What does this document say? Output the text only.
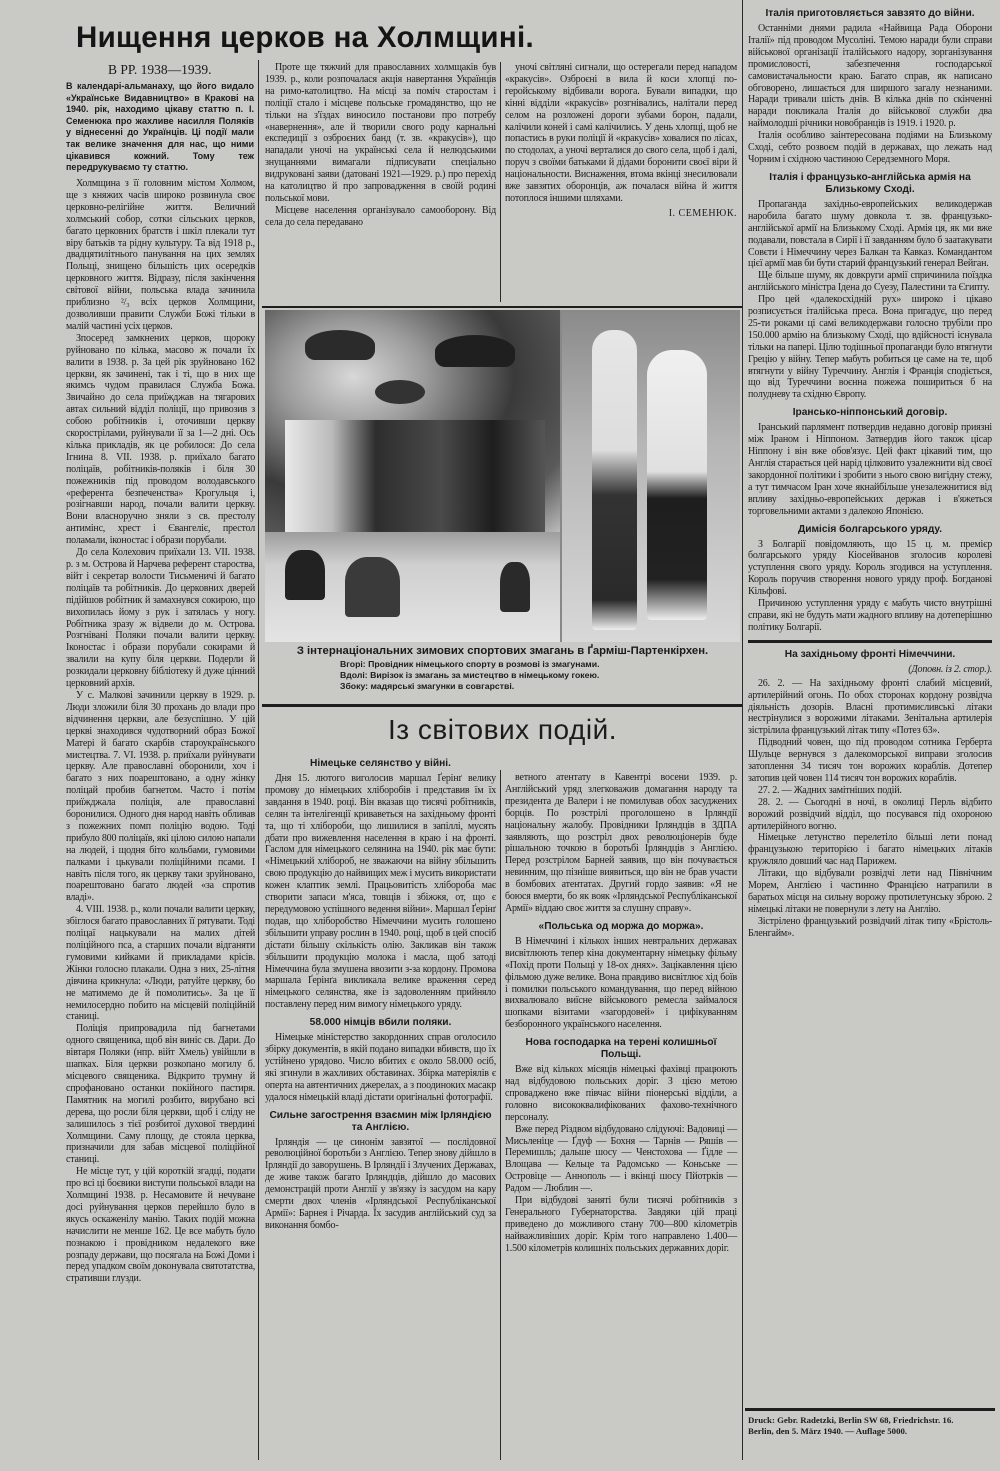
Нищення церков на Холмщині.
В PP. 1938—1939.
В калeндарі-альманаху, що його видало «Українське Видавництво» в Кракові на 1940. рік, находимо цікаву статтю п. І. Семенюка про жахливе насилля Поляків у віднесенні до Українців. Ці події мали так велике значення для нас, що ними цікавився кожний. Тому теж передрукуваємо ту статтю.

Холмщина з її головним містом Холмом, ще з княжих часів широко розвинула своє церковно-релігійне життя. Величний холмський собор, сотки сільських церков, багато церковних братств і шкіл плекали тут віру батьків та рідну культуру. Та від 1918 р., двадцятилітнього панування на цих землях Польщі, знищено більшість цих осередків церковного життя. Відразу, після закінчення світової війни, польська влада зачинила приблизно ²/₃ всіх церков Холмщини, дозволивши правити Служби Божі тільки в малій частині усіх церков.

Зпосеред замкнених церков, щороку руйновано по кілька, масово ж почали їх валити в 1938. р. За цей рік зруйновано 162 церкви, як зачинені, так і ті, що в них ще якимсь чудом правилася Служба Божа. Звичайно до села приїжджав на тягарових автах сильний відділ поліції, що привозив з собою робітників і, оточивши церкву скорострілами, руйнували її за 1—2 дні. Ось кілька прикладів, як це робилося: До села Ігнина 8. VII. 1938. р. приїхало багато поліцаїв, робітників-поляків і біля 30 пожежників під проводом володавського «референта безпеченства» Крогульця і, розігнавши народ, почали валити церкву. Вони власноручно зняли з св. престолу антимінс, хрест і Євангеліє, престол поламали, іконостас і образи порубали.

До села Колехович приїхали 13. VII. 1938. р. з м. Острова й Нарчева референт старoства, війт і секретар волости Тисьменичі й багато поліцаїв та робітників. До церковних дверей підійшов робітник й замахнувся сокирою, що вихопилась йому з рук і затялась у ногу. Робітника зразу ж відвели до м. Острова. Розгнівані Поляки почали валити церкву. Іконостас і образи порубали сокирами й звалили на купу біля церкви. Подерли й розкидали церковну бібліотеку й дуже цінний церковний архів.

У с. Малкові зачинили церкву в 1929. р. Люди зложили біля 30 прохань до влади про відчинення церкви, але безуспішно. У цій церкві знаходився чудотворний образ Божої Матері й багато скарбів староукраїнського мистецтва. 7. VI. 1938. р. приїхали руйнувати церкву. Але православні оборонили, хоч і багато з них поарештовано, а одну жінку поліцай пробив багнетом. Часто і потім приїжджала поліція, але православні боронилися. Одного дня народ навіть обливав з пожежних помп поліцію водою. Тоді прибуло 800 поліцаїв, які цілою силою напали на людей, і щодня біто кольбами, гумовими палками і цькували поліційними псами. І навіть після того, як церкву таки зруйновано, поарештовано багато людей «за спротив владі».

4. VIII. 1938. р., коли почали валити церкву, збіглося багато православних її рятувати. Тоді поліцаї нацькували на малих дітей поліційного пса, а старших почали відганяти гумовими кийками й прикладами крісів. Жінки голосно плакали. Одна з них, 25-літня дівчина крикнула: «Люди, ратуйте церкву, бо не матимемо де й помолитись». За це її немилосердно побито на місцевій поліційній станиці.

Поліція припровадила під багнетами одного священика, щоб він виніс св. Дари. До вівтаря Поляки (нпр. війт Хмель) увійшли в шапках. Біля церкви розкопано могилу б. місцевого священика. Відкрито трумну й спрофановано останки покійного пастиря. Памятник на могилі розбито, вирубано всі дерева, що росли біля церкви, щоб і сліду не залишилось з тієї розбитої духової твердині Холмщини. Саму площу, де стояла церква, призначили для забав місцевої поліційної станиці.

Не місце тут, у цій короткій згадці, подати про всі ці боєвики виступи польської влади на Холмщині 1938. р. Несамовите й нечуване досі руйнування церков перейшло було в якусь оскаженілу манію. Таких подій можна начислити не менше 162. Це все мабуть було познакою і провідником недалекого вже розпаду держави, що посягала на Божі Доми і перед упадком своїм доконувала святотатства, стративши глузди.

Проте ще тяжчий для православних холмщаків був 1939. р., коли розпочалася акція навертання Українців на римо-католицтво. На місці за поміч старостам і поліції стало і місцеве польське громадянство, що не тільки на з'їздах виносило постанови про потребу «навернення», але й творили свого роду карнальні експедиції з озброєних банд (т. зв. «кракусів»), що нападали уночі на українські села й нелюдськими знущаннями вимагали підписувати спеціально видруковані заяви (датовані 1921—1929. р.) про перехід на католицтво й про запровадження в своїй родині польської мови.

Місцеве населення організувало самооборону. Від села до села передавано

уночі світляні сигнали, що остерегали перед нападом «кракусів». Озброєні в вила й коси хлопці по-геройському відбивали ворога. Бували випадки, що кінні відділи «кракусів» розгнівались, налітали перед селом на розложені дороги зубами борон, падали, калічили коней і самі калічились. У день хлопці, щоб не попастись в руки поліції й «кракусів» ховалися по лісах, по стодолах, а уночі верталися до свого села, щоб і далі, поруч з своїми батьками й дідами боронити своєї віри й національности. Виснаження, втома вкінці знесилювали вже завзятих оборонців, аж почалася війна й життя потоплося іншими шляхами.

І. СЕМЕНЮК.

З інтернаціональних зимових спортових змагань в Ґарміш-Партенкірхен.
Вгорі: Провідник німецького спорту в розмові із змагунами.
Вдолі: Вирізок із змагань за мистецтво в німецькому гокею.
Збоку: мадярські змагунки в совгарстві.
Із світових подій.
Німецьке селянство у війні.

Дня 15. лютого виголосив маршал Ґерінґ велику промову до німецьких хліборобів і представив їм їх завдання в 1940. році. Він вказав що тисячі робітників, селян та інтелігенції криваветься на західньому фронті та, що ті хлібороби, що лишилися в запіллі, мусять дбати про вижевлення населення в краю і на фронті. Гаслом для німецького селянина на 1940. рік має бути: «Німецький хлібороб, не зважаючи на війну збільшить свою продукцію до найвищих меж і мусить використати кожен клаптик землі. Працьовитість хлібороба має створити запаси м'яса, товщів і збіжжя, от, що є передумовою успішного ведення війни». Маршал Ґерінґ подав, що хліборобство Німеччини мусить голошено збільшити управу рослин в 1940. році, щоб в цей спосіб дістати більшу скількість олію. Закликав він також збільшити продукцію молока і масла, щоб затоді Німеччина була змушена ввозити з-за кордону. Промова маршала Ґерінґа викликала велике враження серед німецького селянства, яке із задоволенням прийняло поставлену перед ним вимогу німецького уряду.

58.000 німців вбили поляки.

Німецьке міністерство закордонних справ оголосило збірку документів, в якій подано випадки вбивств, що їх устійнено урядово. Число вбитих є около 58.000 осіб, які згинули в жахливих обставинах. Збірка матеріялів є оперта на автентичних джерелах, а з поодиноких масакр удалося німецькій владі дістати оригінальні фотографії.

Сильне загострення взаємин між Ірляндією та Англією.

Ірляндія — це синонім завзятої — послідовної революційної боротьби з Англією. Тепер знову дійшло в Ірляндії до заворушень. В Ірляндії і Злучених Державах, де живе також багато Ірляндців, дійшло до масових демонстрацій проти Англії у зв'язку із засудом на кару смерти двох членів «Ірляндської Республіканської Армії»: Барнея і Річарда. Їх засудив англійський суд за виконання бомбо-

ветного атентату в Кавентрі восени 1939. р. Англійський уряд злегковажив домагання народу та президента де Валери і не помилував обох засуджених борців. По розстрілі проголошено в Ірляндії національну жалобу. Провідники Ірляндців в ЗДПА заявляють, що розстріл двох революціонерів буде рішальною точкою в боротьбі Ірляндців з Англією. Перед розстрілом Барней заявив, що він почувається невинним, що пізніше виявиться, що він не брав участи в бомбових атентатах. Другий гордо заявив: «Я не боюся вмерти, бо як вояк «Ірляндської Республіканської Армії» віддаю своє життя за слушну справу».

«Польська од моржа до моржа».

В Німеччині і кількох інших невтральних державах висвітлюють тепер кіна документарну німецьку фільму «Похід проти Польщі у 18-ох днях». Зацікавлення цією фільмою дуже велике. Вона правдиво висвітлює хід боїв і помилки польського командування, що перед війною вихвалювало виїсне військового ремесла займалося шопками візитами «загордовей» і цифікуванням безборонного українського населення.

Нова господарка на терені колишньої Польщі.

Вже від кількох місяців німецькі фахівці працюють над відбудовою польських доріг. З цією метою спроваджено вже півчас війни піонерські відділи, а головно висококвалифікованих фахово-технічного персоналу.

Вже перед Різдвом відбудовано слідуючі: Вадовиці — Мисьленіце — Ґдуф — Бохня — Тарнів — Ряшів — Перемишль; дальше шосу — Ченстохова — Ґідле — Влощава — Кельце та Радомсько — Коньське — Островіце — Аннополь — і вкінці шосу Пйотрків — Радом — Люблин —.

При відбудові заняті були тисячі робітників з Генерального Губернаторства. Завдяки цій праці приведено до можливого стану 700—800 кілометрів найважливіших доріг. Крім того направлено 1.400—1.500 кілометрів колишніх польських державних доріг.

Італія приготовляється завзято до війни.

Останніми днями радила «Найвища Рада Оборони Італії» під проводом Мусоліні. Темою наради були справи військової організації італійського надору, зорганізування промисловості, забезпечення господарської самовистачальности краю. Багато справ, як написано обговорено, лишається для ширшого загалу незнаними. Наради тривали шість днів. В кілька днів по скінченні наради покликала Італія до військової служби два наймолодші річники новобранців із 1919. і 1920. р.

Італія особливо заінтересована подіями на Близькому Сході, себто розвоєм подій в державах, що лежать над Чорним і східною частиною Середземного Моря.

Італія і французько-англійська армія на Близькому Сході.

Пропаганда західньо-европейських великодержав наробила багато шуму довкола т. зв. французько-англійської армії на Близькому Сході. Армія ця, як ми вже подавали, повстала в Сирії і її завданням було б заатакувати Совєти і Німеччину через Балкан та Кавказ. Командантом цієї армії мав би бути старий французький генерал Вейган.

Ще більше шуму, як довкруги армії спричинила поїздка англійського міністра Ідена до Суезу, Палестини та Єгипту.

Про цей «далекосхідній рух» широко і цікаво розписується італійська преса. Вона пригадує, що перед 25-ти роками ці самі великодержави голосно трубіли про 150.000 армію на близькому Сході, що вдійсності існувала тільки на папері. Цілю тодішньої пропаганди було втягнути Грецію у війну. Тепер мабуть робиться це саме на те, щоб втягнути у війну Туреччину. Англія і Франція сподіється, що від Туреччини воєнна пожежа пошириться б на полудневу та східню Європу.

Ірансько-ніппонський договір.

Іранський парлямент потвердив недавно договір приязні між Іраном і Ніппоном. Затвердив його також цісар Ніппону і він вже обов'язує. Цей факт цікавий тим, що Англія старається цей нарід цілковито узалежнити від своєї закордонної політики і зробити з нього свою вигідну стежу, а тут тимчасом Іран хоче якнайбільше унезалежнитися від впливу західньо-европейських держав і в'яжеться торговельними актами з далекою Японією.

Димісія болгарського уряду.

З Болгарії повідомляють, що 15 ц. м. премієр болгарського уряду Кіосейванов зголосив королеві уступлення свого уряду. Король згодився на уступлення. Король поручив створення нового уряду проф. Богданові Кільфові.

Причиною уступлення уряду є мабуть чисто внутрішні справи, які не будуть мати жадного впливу на дотеперішню політику Болгарії.

На західньому фронті Німеччини.

(Доповн. із 2. стор.).

26. 2. — На західньому фронті слабий місцевий, артилерійний огонь. По обох сторонах кордону розвідча діяльність дозорів. Власні протимисливські літаки нестрінулися з ворожими літаками. Зенітальна артилерія зістрілила французький літак типу «Потез 63».

Підводний човен, що під проводом сотника Герберта Шульце вернувся з далекоморської виправи зголосив затоплення 34 тисяч тон ворожих кораблів. Дотепер затопив цей човен 114 тисяч тон ворожих кораблів.

27. 2. — Жадних замітніших подій.

28. 2. — Сьогодні в ночі, в околиці Перль відбито ворожий розвідчий відділ, що посувався під охороною артилерійного вогню.

Німецьке летунство перелетіло більші лети понад французькою територією і багато німецьких літаків кружляло довший час над Парижем.

Літаки, що відбували розвідчі лети над Північним Морем, Англією і частинно Францією натрапили в баратьох місця на сильну ворожу протилетунську зброю. 2 німецькі літаки не повернули з лету на Англію.

Зістрілено французький розвідчий літак типу «Брістоль-Бленгайм».

Druck: Gebr. Radetzki, Berlin SW 68, Friedrichstr. 16.
Berlin, den 5. März 1940. — Auflage 5000.
